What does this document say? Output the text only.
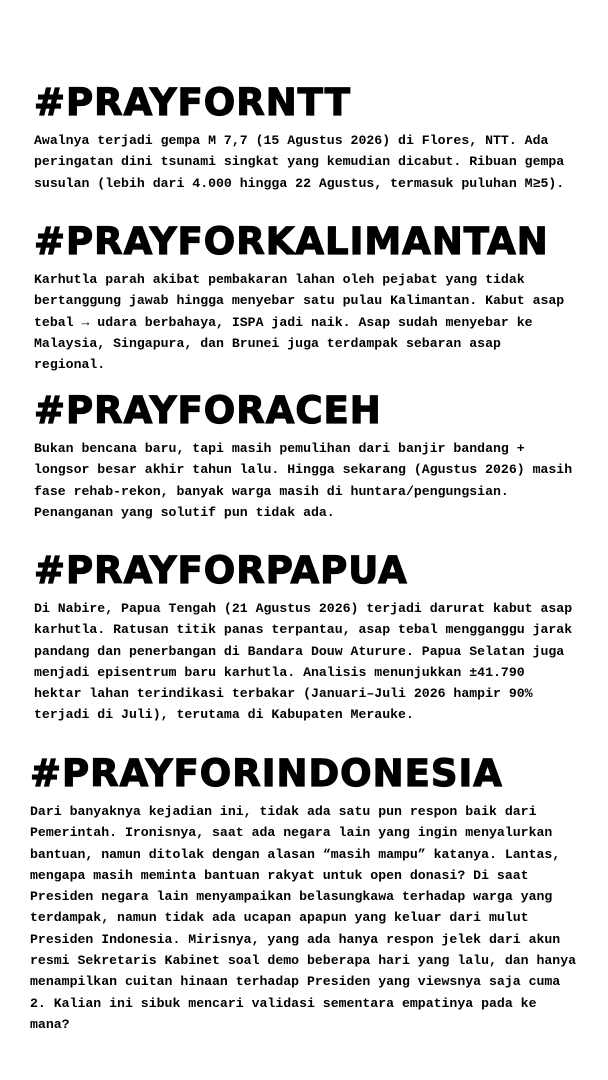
#PRAYFORNTT

Awalnya terjadi gempa M 7,7 (15 Agustus 2026) di Flores, NTT. Ada peringatan dini tsunami singkat yang kemudian dicabut. Ribuan gempa susulan (lebih dari 4.000 hingga 22 Agustus, termasuk puluhan M≥5).

#PRAYFORKALIMANTAN

Karhutla parah akibat pembakaran lahan oleh pejabat yang tidak bertanggung jawab hingga menyebar satu pulau Kalimantan. Kabut asap tebal → udara berbahaya, ISPA jadi naik. Asap sudah menyebar ke Malaysia, Singapura, dan Brunei juga terdampak sebaran asap regional.

#PRAYFORACEH

Bukan bencana baru, tapi masih pemulihan dari banjir bandang + longsor besar akhir tahun lalu. Hingga sekarang (Agustus 2026) masih fase rehab-rekon, banyak warga masih di huntara/pengungsian. Penanganan yang solutif pun tidak ada.

#PRAYFORPAPUA

Di Nabire, Papua Tengah (21 Agustus 2026) terjadi darurat kabut asap karhutla. Ratusan titik panas terpantau, asap tebal mengganggu jarak pandang dan penerbangan di Bandara Douw Aturure. Papua Selatan juga menjadi episentrum baru karhutla. Analisis menunjukkan ±41.790 hektar lahan terindikasi terbakar (Januari–Juli 2026 hampir 90% terjadi di Juli), terutama di Kabupaten Merauke.

#PRAYFORINDONESIA

Dari banyaknya kejadian ini, tidak ada satu pun respon baik dari Pemerintah. Ironisnya, saat ada negara lain yang ingin menyalurkan bantuan, namun ditolak dengan alasan “masih mampu” katanya. Lantas, mengapa masih meminta bantuan rakyat untuk open donasi? Di saat Presiden negara lain menyampaikan belasungkawa terhadap warga yang terdampak, namun tidak ada ucapan apapun yang keluar dari mulut Presiden Indonesia. Mirisnya, yang ada hanya respon jelek dari akun resmi Sekretaris Kabinet soal demo beberapa hari yang lalu, dan hanya menampilkan cuitan hinaan terhadap Presiden yang viewsnya saja cuma 2. Kalian ini sibuk mencari validasi sementara empatinya pada ke mana?
